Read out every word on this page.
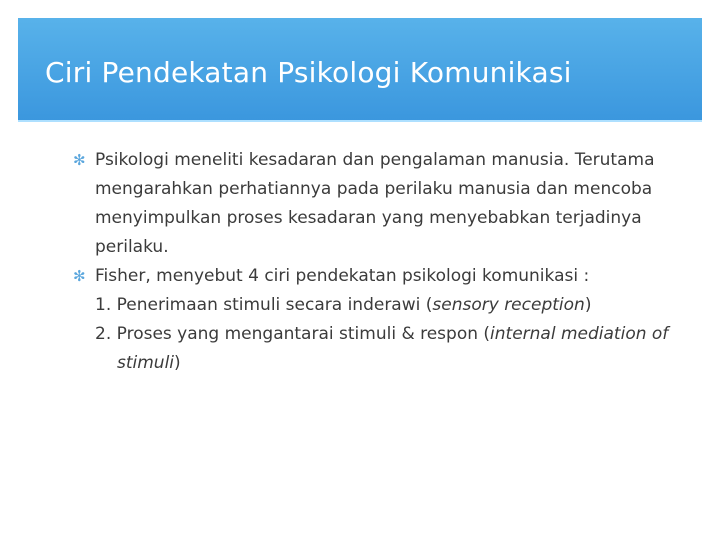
Ciri Pendekatan Psikologi Komunikasi
✻ Psikologi meneliti kesadaran dan pengalaman manusia. Terutama mengarahkan perhatiannya pada perilaku manusia dan mencoba menyimpulkan proses kesadaran yang menyebabkan terjadinya perilaku.
✻ Fisher, menyebut 4 ciri pendekatan psikologi komunikasi :
1. Penerimaan stimuli secara inderawi (sensory reception)
2. Proses yang mengantarai stimuli & respon (internal mediation of stimuli)
